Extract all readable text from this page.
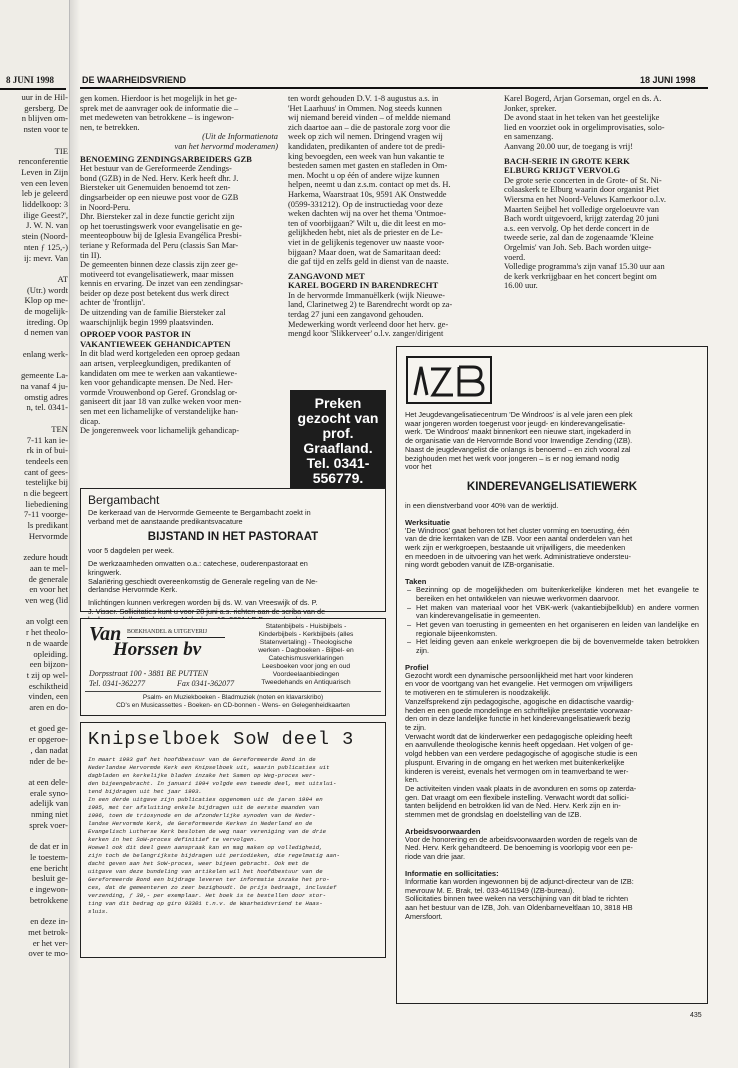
8 JUNI 1998
uur in de Hil-
gersberg. De
n blijven om-
nsten voor te

TIE
renconferentie
Leven in Zijn
ven een leven
leb je geleerd
liddelkoop: 3
ilige Geest?',
J. W. N. van
stein (Noord-
nten ƒ 125,-)
ij: mevr. Van

AT
(Utr.) wordt
Klop op me-
de mogelijk-
itreding. Op
d nemen van

enlang werk-

gemeente La-
na vanaf 4 ju-
omstig adres
n, tel. 0341-

TEN
7-11 kan ie-
rk in of bui-
tendeels een
cant of gees-
testelijke bij
n die begeert
liebediening
7-11 voorge-
ls predikant
Hervormde

zedure houdt
aan te mel-
de generale
en voor het
ven weg (lid

an volgt een
r het theolo-
n de waarde
opleiding.
een bijzon-
t zij op wel-
eschiktheid
vinden, een
aren en do-

et goed ge-
er opgeroe-
, dan nadat
nder de be-

at een dele-
erale syno-
adelijk van
nming niet
sprek voer-

de dat er in
le toestem-
ene bericht
besluit ge-
e ingewon-
betrokkene

en deze in-
met betrok-
er het ver-
over te mo-
DE WAARHEIDSVRIEND	18 JUNI 1998
gen komen. Hierdoor is het mogelijk in het ge-
sprek met de aanvrager ook de informatie die –
met medeweten van betrokkene – is ingewon-
nen, te betrekken.
(Uit de Informatienota
van het hervormd moderamen)
BENOEMING ZENDINGSARBEIDERS GZB
Het bestuur van de Gereformeerde Zendings-
bond (GZB) in de Ned. Herv. Kerk heeft dhr. J.
Biersteker uit Genemuiden benoemd tot zen-
dingsarbeider op een nieuwe post voor de GZB
in Noord-Peru.
Dhr. Biersteker zal in deze functie gericht zijn
op het toerustingswerk voor evangelisatie en ge-
meenteopbouw bij de Iglesia Evangélica Presbi-
teriane y Reformada del Peru (classis San Mar-
tin II).
De gemeenten binnen deze classis zijn zeer ge-
motiveerd tot evangelisatiewerk, maar missen
kennis en ervaring. De inzet van een zendingsar-
beider op deze post betekent dus werk direct
achter de 'frontlijn'.
De uitzending van de familie Biersteker zal
waarschijnlijk begin 1999 plaatsvinden.
OPROEP VOOR PASTOR IN
VAKANTIEWEEK GEHANDICAPTEN
In dit blad werd kortgeleden een oproep gedaan
aan artsen, verpleegkundigen, predikanten of
kandidaten om mee te werken aan vakantiewe-
ken voor gehandicapte mensen. De Ned. Her-
vormde Vrouwenbond op Geref. Grondslag or-
ganiseert dit jaar 18 van zulke weken voor men-
sen met een lichamelijke of verstandelijke han-
dicap.
De jongerenweek voor lichamelijk gehandicap-
ten wordt gehouden D.V. 1-8 augustus a.s. in
'Het Laarhuus' in Ommen. Nog steeds kunnen
wij niemand bereid vinden – of meldde niemand
zich daartoe aan – die de pastorale zorg voor die
week op zich wil nemen. Dringend vragen wij
kandidaten, predikanten of andere tot de predi-
king bevoegden, een week van hun vakantie te
besteden samen met gasten en stafleden in Om-
men. Mocht u op één of andere wijze kunnen
helpen, neemt u dan z.s.m. contact op met ds. H.
Harkema, Waarstraat 10s, 9591 AK Onstwedde
(0599-331212). Op de instructiedag voor deze
weken dachten wij na over het thema 'Ontmoe-
ten of voorbijgaan?' Wilt u, die dit leest en mo-
gelijkheden hebt, niet als de priester en de Le-
viet in de gelijkenis tegenover uw naaste voor-
bijgaan? Maar doen, wat de Samaritaan deed:
die gaf tijd en zelfs geld in dienst van de naaste.
ZANGAVOND MET
KAREL BOGERD IN BARENDRECHT
In de hervormde Immanuëlkerk (wijk Nieuwe-
land, Clarinetweg 2) te Barendrecht wordt op za-
terdag 27 juni een zangavond gehouden.
Medewerking wordt verleend door het herv. ge-
mengd koor 'Slikkerveer' o.l.v. zanger/dirigent
Karel Bogerd, Arjan Gorseman, orgel en ds. A.
Jonker, spreker.
De avond staat in het teken van het geestelijke
lied en voorziet ook in orgelimprovisaties, solo-
en samenzang.
Aanvang 20.00 uur, de toegang is vrij!
BACH-SERIE IN GROTE KERK
ELBURG KRIJGT VERVOLG
De grote serie concerten in de Grote- of St. Ni-
colaaskerk te Elburg waarin door organist Piet
Wiersma en het Noord-Veluws Kamerkoor o.l.v.
Maarten Seijbel het volledige orgeloeuvre van
Bach wordt uitgevoerd, krijgt zaterdag 20 juni
a.s. een vervolg. Op het derde concert in de
tweede serie, zal dan de zogenaamde 'Kleine
Orgelmis' van Joh. Seb. Bach worden uitge-
voerd.
Volledige programma's zijn vanaf 15.30 uur aan
de kerk verkrijgbaar en het concert begint om
16.00 uur.
Preken
gezocht van
prof.
Graafland.
Tel. 0341-
556779.
Bergambacht
De kerkeraad van de Hervormde Gemeente te Bergambacht zoekt in
verband met de aanstaande predikantsvacature
BIJSTAND IN HET PASTORAAT
voor 5 dagdelen per week.
De werkzaamheden omvatten o.a.: catechese, ouderenpastoraat en
kringwerk.
Salariëring geschiedt overeenkomstig de Generale regeling van de Ne-
derlandse Hervormde Kerk.
Inlichtingen kunnen verkregen worden bij ds. W. van Vreeswijk of ds. P.
J. Visser. Sollicitaties kunt u voor 28 juni a.s. richten aan de scriba van de

Van BOEKHANDEL & UITGEVERIJ
Horssen bv
Dorpsstraat 100 - 3881 BE PUTTEN
Tel. 0341-362277	Fax 0341-362077
Statenbijbels - Huisbijbels -
Kinderbijbels - Kerkbijbels (alles
Statenvertaling) - Theologische
werken - Dagboeken - Bijbel- en
Catechismusverklaringen
Leesboeken voor jong en oud
Voordeelaanbiedingen
Tweedehands en Antiquarisch
Psalm- en Muziekboeken - Bladmuziek (noten en klavarskribo)
CD's en Musicassettes - Boeken- en CD-bonnen - Wens- en Gelegenheidkaarten
Knipselboek SoW deel 3
In maart 1993 gaf het hoofdbestuur van de Gereformeerde Bond in de
Nederlandse Hervormde Kerk een Knipselboek uit, waarin publicaties uit
dagbladen en kerkelijke bladen inzake het Samen op Weg-proces wer-
den bijeengebracht. In januari 1994 volgde een tweede deel, met uitslui-
tend bijdragen uit het jaar 1993.
In een derde uitgave zijn publicaties opgenomen uit de jaren 1994 en
1995, met ter afsluiting enkele bijdragen uit de eerste maanden van
1996, toen de triosynode en de afzonderlijke synoden van de Neder-
landse Hervormde Kerk, de Gereformeerde Kerken in Nederland en de
Evangelisch Lutherse Kerk besloten de weg naar vereniging van de drie
kerken in het SoW-proces definitief te vervolgen.
Hoewel ook dit deel geen aanspraak kan en mag maken op volledigheid,
zijn toch de belangrijkste bijdragen uit periodieken, die regelmatig aan-
dacht geven aan het SoW-proces, weer bijeen gebracht. Ook met de
uitgave van deze bundeling van artikelen wil het hoofdbestuur van de
Gereformeerde Bond een bijdrage leveren ter informatie inzake het pro-
ces, dat de gemeenteren zo zeer bezighoudt. De prijs bedraagt, inclusief
verzending, ƒ 30,- per exemplaar. Het boek is te bestellen door stor-
ting van dit bedrag op giro 93301 t.n.v. de Waarheidsvriend te Haas-
sluis.
Het Jeugdevangelisatiecentrum 'De Windroos' is al vele jaren een plek
waar jongeren worden toegerust voor jeugd- en kinderevangelisatie-
werk. 'De Windroos' maakt binnenkort een nieuwe start, ingekaderd in
de organisatie van de Hervormde Bond voor Inwendige Zending (IZB).
Naast de jeugdevangelist die onlangs is benoemd – en zich vooral zal
bezighouden met het werk voor jongeren – is er nog iemand nodig
voor het
KINDEREVANGELISATIEWERK
in een dienstverband voor 40% van de werktijd.
Werksituatie
'De Windroos' gaat behoren tot het cluster vorming en toerusting, één
van de drie kerntaken van de IZB. Voor een aantal onderdelen van het
werk zijn er werkgroepen, bestaande uit vrijwilligers, die meedenken
en meedoen in de uitvoering van het werk. Administratieve ondersteu-
ning wordt geboden vanuit de IZB-organisatie.
Taken
– Bezinning op de mogelijkheden om buitenkerkelijke kinderen met het evangelie te bereiken en het ontwikkelen van nieuwe werkvormen daarvoor.
– Het maken van materiaal voor het VBK-werk (vakantiebijbelklub) en andere vormen van kinderevangelisatie in gemeenten.
– Het geven van toerusting in gemeenten en het organiseren en leiden van landelijke en regionale bijeenkomsten.
– Het leiding geven aan enkele werkgroepen die bij de bovenvermelde taken betrokken zijn.
Profiel
Gezocht wordt een dynamische persoonlijkheid met hart voor kinderen
en voor de voortgang van het evangelie. Het vermogen om vrijwilligers
te motiveren en te stimuleren is noodzakelijk.
Vanzelfsprekend zijn pedagogische, agogische en didactische vaardig-
heden en een goede mondelinge en schriftelijke presentatie voorwaar-
den om in deze landelijke functie in het kinderevangelisatiewerk bezig
te zijn.
Verwacht wordt dat de kinderwerker een pedagogische opleiding heeft
en aanvullende theologische kennis heeft opgedaan. Het volgen of ge-
volgd hebben van een verdere pedagogische of agogische studie is een
pluspunt. Ervaring in de omgang en het werken met buitenkerkelijke
kinderen is vereist, evenals het vermogen om in teamverband te wer-
ken.
De activiteiten vinden vaak plaats in de avonduren en soms op zaterda-
gen. Dat vraagt om een flexibele instelling. Verwacht wordt dat sollici-
tanten belijdend en betrokken lid van de Ned. Herv. Kerk zijn en in-
stemmen met de grondslag en doelstelling van de IZB.
Arbeidsvoorwaarden
Voor de honorering en de arbeidsvoorwaarden worden de regels van de
Ned. Herv. Kerk gehandteerd. De benoeming is voorlopig voor een pe-
riode van drie jaar.
Informatie en sollicitaties:
Informatie kan worden ingewonnen bij de adjunct-directeur van de IZB:
mevrouw M. E. Brak, tel. 033-4611949 (IZB-bureau).
Sollicitaties binnen twee weken na verschijning van dit blad te richten
aan het bestuur van de IZB, Joh. van Oldenbarneveltlaan 10, 3818 HB
Amersfoort.
435
